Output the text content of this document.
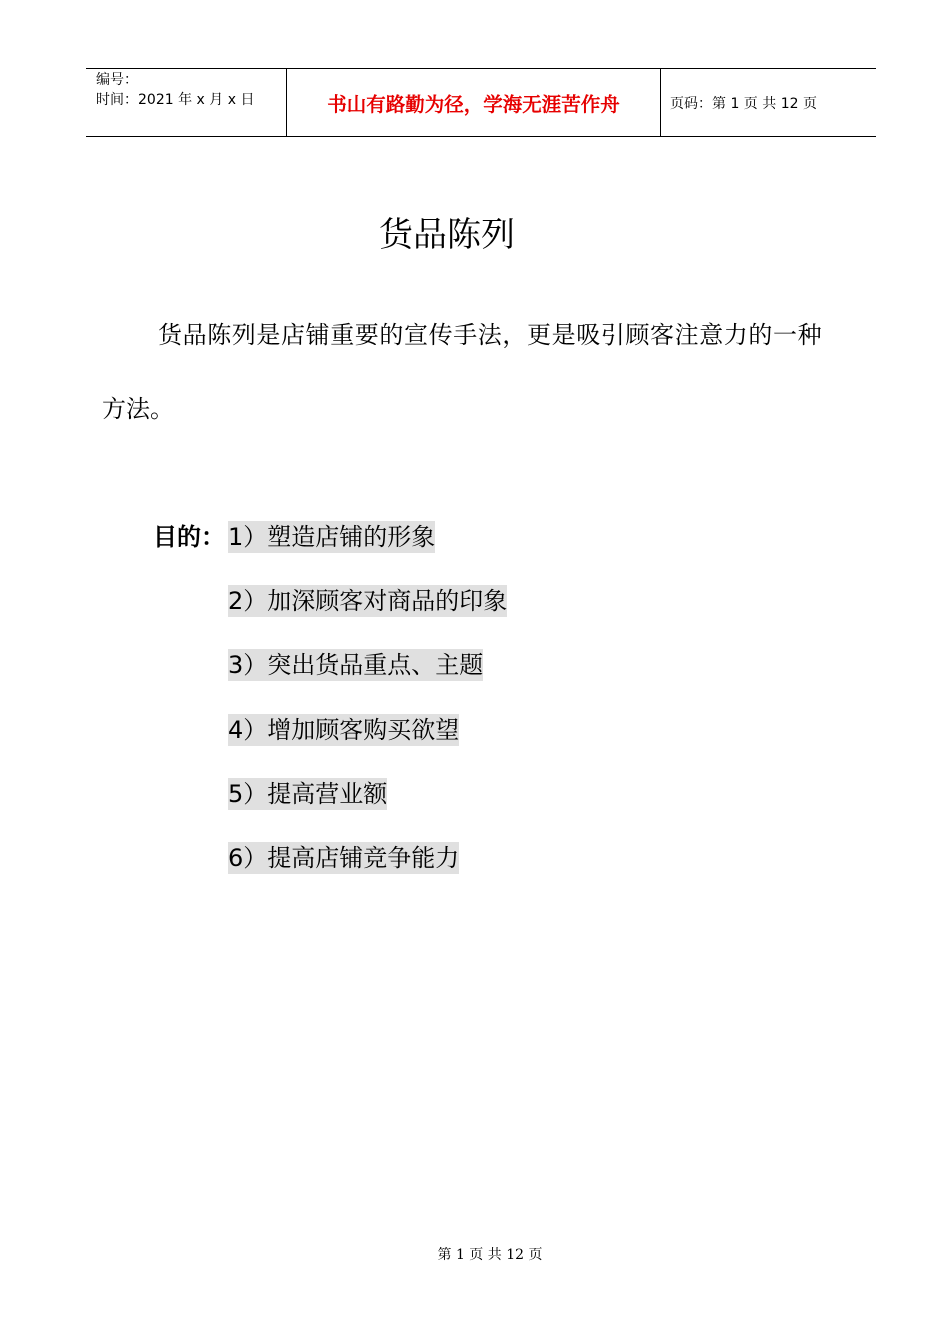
编号：
时间：2021 年 x 月 x 日	书山有路勤为径，学海无涯苦作舟	页码：第 1 页 共 12 页
货品陈列
货品陈列是店铺重要的宣传手法，更是吸引顾客注意力的一种
方法。
目的： 1）塑造店铺的形象
2）加深顾客对商品的印象
3）突出货品重点、主题
4）增加顾客购买欲望
5）提高营业额
6）提高店铺竞争能力
第 1 页 共 12 页
